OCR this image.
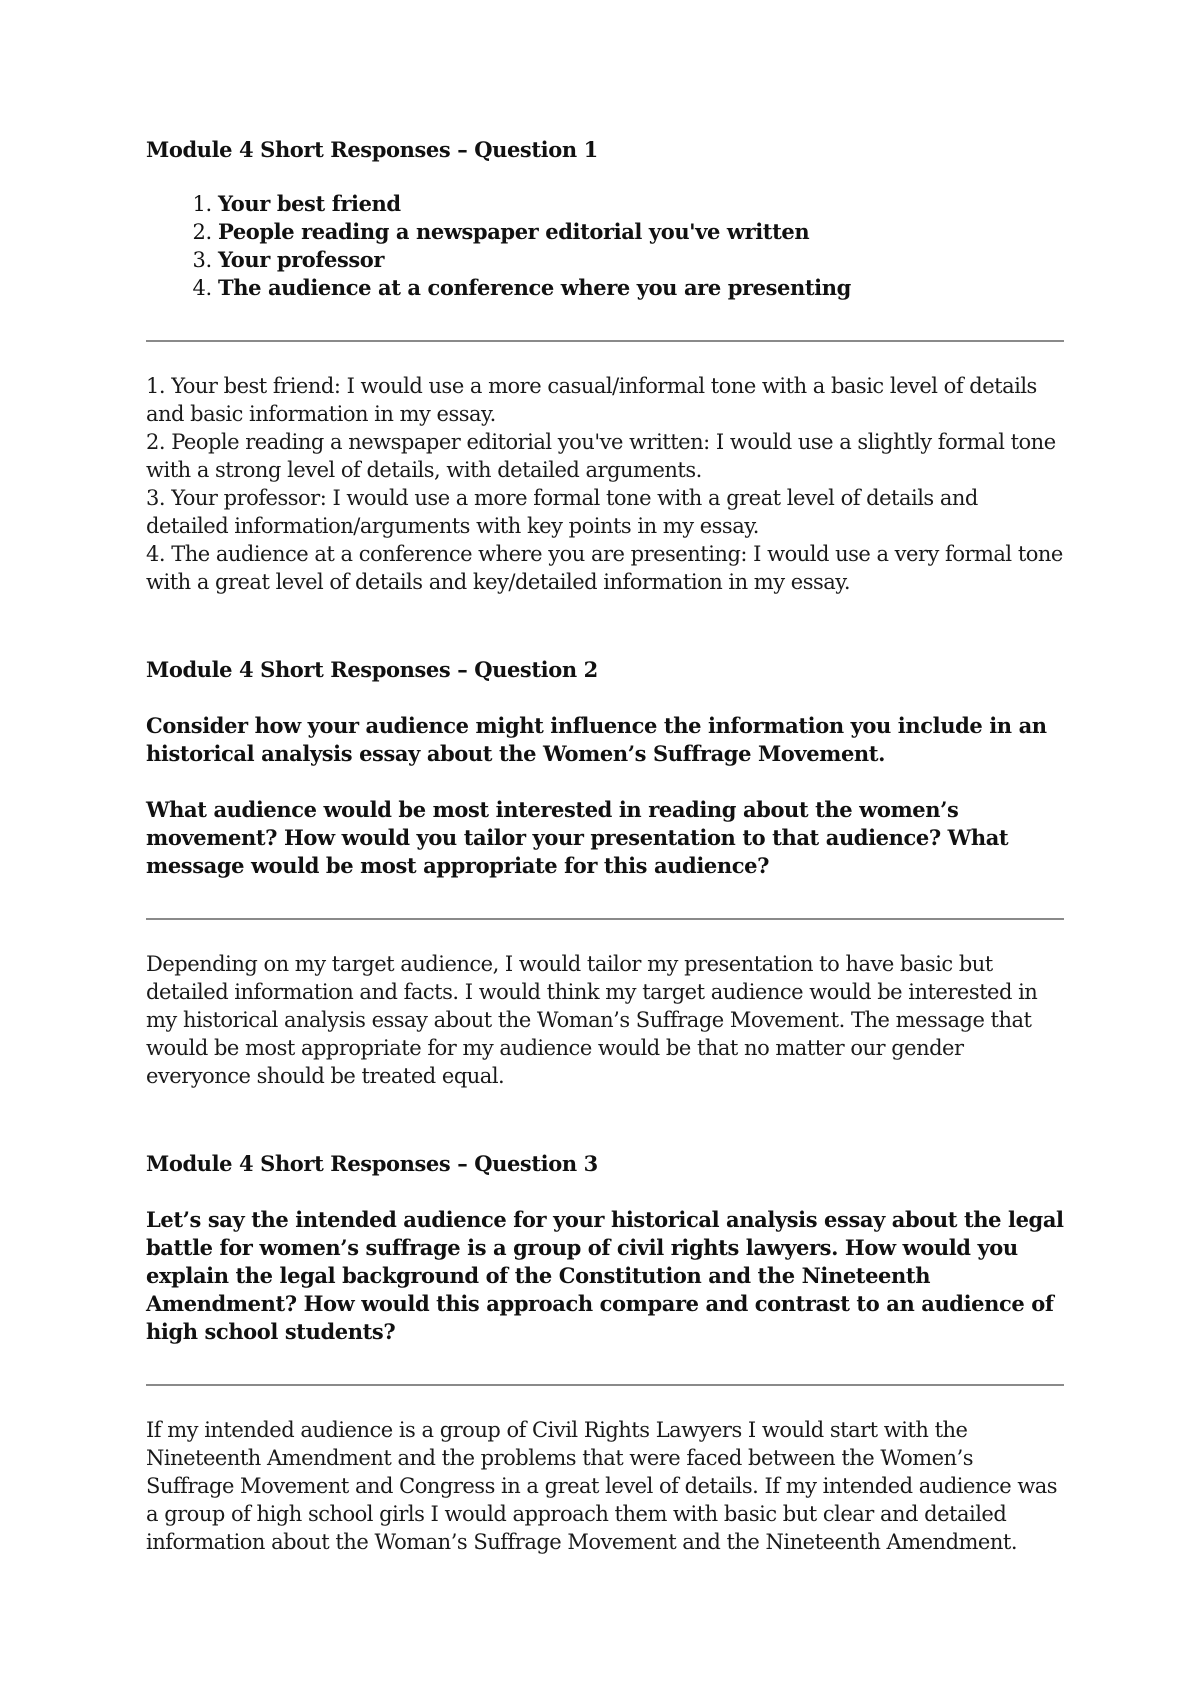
Module 4 Short Responses – Question 1

1. Your best friend
2. People reading a newspaper editorial you've written
3. Your professor
4. The audience at a conference where you are presenting
1. Your best friend: I would use a more casual/informal tone with a basic level of details and basic information in my essay.
2. People reading a newspaper editorial you've written: I would use a slightly formal tone with a strong level of details, with detailed arguments.
3. Your professor: I would use a more formal tone with a great level of details and detailed information/arguments with key points in my essay.
4. The audience at a conference where you are presenting: I would use a very formal tone with a great level of details and key/detailed information in my essay.

Module 4 Short Responses – Question 2

Consider how your audience might influence the information you include in an historical analysis essay about the Women’s Suffrage Movement.

What audience would be most interested in reading about the women’s movement? How would you tailor your presentation to that audience? What message would be most appropriate for this audience?

Depending on my target audience, I would tailor my presentation to have basic but detailed information and facts. I would think my target audience would be interested in my historical analysis essay about the Woman’s Suffrage Movement. The message that would be most appropriate for my audience would be that no matter our gender everyonce should be treated equal.

Module 4 Short Responses – Question 3

Let’s say the intended audience for your historical analysis essay about the legal battle for women’s suffrage is a group of civil rights lawyers. How would you explain the legal background of the Constitution and the Nineteenth Amendment? How would this approach compare and contrast to an audience of high school students?

If my intended audience is a group of Civil Rights Lawyers I would start with the Nineteenth Amendment and the problems that were faced between the Women’s Suffrage Movement and Congress in a great level of details. If my intended audience was a group of high school girls I would approach them with basic but clear and detailed information about the Woman’s Suffrage Movement and the Nineteenth Amendment.
